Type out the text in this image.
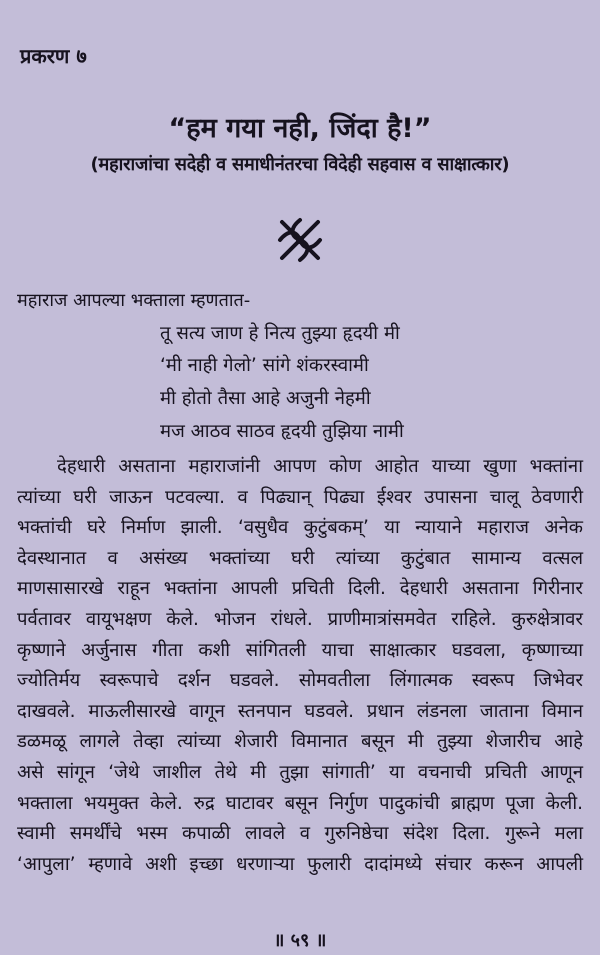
प्रकरण ७
“हम गया नही, जिंदा है!”
(महाराजांचा सदेही व समाधीनंतरचा विदेही सहवास व साक्षात्कार)
महाराज आपल्या भक्ताला म्हणतात-
तू सत्य जाण हे नित्य तुझ्या हृदयी मी
‘मी नाही गेलो’ सांगे शंकरस्वामी
मी होतो तैसा आहे अजुनी नेहमी
मज आठव साठव हृदयी तुझिया नामी
देहधारी असताना महाराजांनी आपण कोण आहोत याच्या खुणा भक्तांना
त्यांच्या घरी जाऊन पटवल्या. व पिढ्यान् पिढ्या ईश्वर उपासना चालू ठेवणारी
भक्तांची घरे निर्माण झाली. ‘वसुधैव कुटुंबकम्’ या न्यायाने महाराज अनेक
देवस्थानात व असंख्य भक्तांच्या घरी त्यांच्या कुटुंबात सामान्य वत्सल
माणसासारखे राहून भक्तांना आपली प्रचिती दिली. देहधारी असताना गिरीनार
पर्वतावर वायूभक्षण केले. भोजन रांधले. प्राणीमात्रांसमवेत राहिले. कुरुक्षेत्रावर
कृष्णाने अर्जुनास गीता कशी सांगितली याचा साक्षात्कार घडवला, कृष्णाच्या
ज्योतिर्मय स्वरूपाचे दर्शन घडवले. सोमवतीला लिंगात्मक स्वरूप जिभेवर
दाखवले. माऊलीसारखे वागून स्तनपान घडवले. प्रधान लंडनला जाताना विमान
डळमळू लागले तेव्हा त्यांच्या शेजारी विमानात बसून मी तुझ्या शेजारीच आहे
असे सांगून ‘जेथे जाशील तेथे मी तुझा सांगाती’ या वचनाची प्रचिती आणून
भक्ताला भयमुक्त केले. रुद्र घाटावर बसून निर्गुण पादुकांची ब्राह्मण पूजा केली.
स्वामी समर्थींचे भस्म कपाळी लावले व गुरुनिष्ठेचा संदेश दिला. गुरूने मला
‘आपुला’ म्हणावे अशी इच्छा धरणाऱ्या फुलारी दादांमध्ये संचार करून आपली
॥ ५९ ॥
